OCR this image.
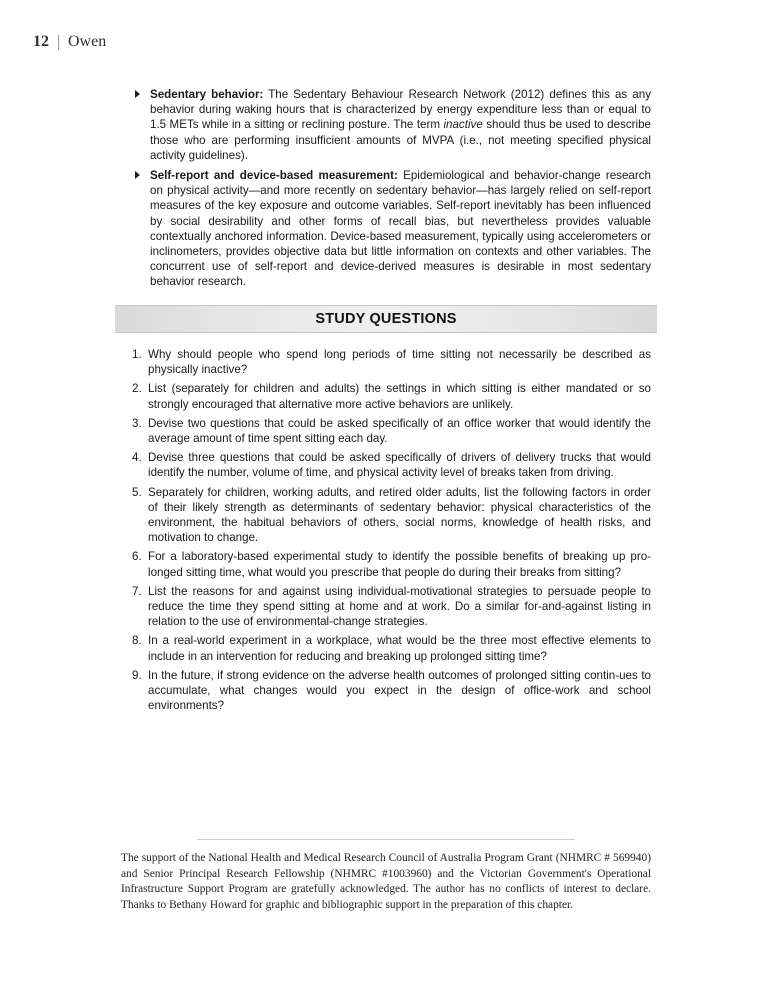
12 Owen
Sedentary behavior: The Sedentary Behaviour Research Network (2012) defines this as any behavior during waking hours that is characterized by energy expenditure less than or equal to 1.5 METs while in a sitting or reclining posture. The term inactive should thus be used to describe those who are performing insufficient amounts of MVPA (i.e., not meeting specified physical activity guidelines).
Self-report and device-based measurement: Epidemiological and behavior-change research on physical activity—and more recently on sedentary behavior—has largely relied on self-report measures of the key exposure and outcome variables. Self-report inevitably has been influenced by social desirability and other forms of recall bias, but nevertheless provides valuable contextually anchored information. Device-based measurement, typically using accelerometers or inclinometers, provides objective data but little information on contexts and other variables. The concurrent use of self-report and device-derived measures is desirable in most sedentary behavior research.
STUDY QUESTIONS
1. Why should people who spend long periods of time sitting not necessarily be described as physically inactive?
2. List (separately for children and adults) the settings in which sitting is either mandated or so strongly encouraged that alternative more active behaviors are unlikely.
3. Devise two questions that could be asked specifically of an office worker that would identify the average amount of time spent sitting each day.
4. Devise three questions that could be asked specifically of drivers of delivery trucks that would identify the number, volume of time, and physical activity level of breaks taken from driving.
5. Separately for children, working adults, and retired older adults, list the following factors in order of their likely strength as determinants of sedentary behavior: physical characteristics of the environment, the habitual behaviors of others, social norms, knowledge of health risks, and motivation to change.
6. For a laboratory-based experimental study to identify the possible benefits of breaking up pro-longed sitting time, what would you prescribe that people do during their breaks from sitting?
7. List the reasons for and against using individual-motivational strategies to persuade people to reduce the time they spend sitting at home and at work. Do a similar for-and-against listing in relation to the use of environmental-change strategies.
8. In a real-world experiment in a workplace, what would be the three most effective elements to include in an intervention for reducing and breaking up prolonged sitting time?
9. In the future, if strong evidence on the adverse health outcomes of prolonged sitting contin-ues to accumulate, what changes would you expect in the design of office-work and school environments?
The support of the National Health and Medical Research Council of Australia Program Grant (NHMRC # 569940) and Senior Principal Research Fellowship (NHMRC #1003960) and the Victorian Government's Operational Infrastructure Support Program are gratefully acknowledged. The author has no conflicts of interest to declare. Thanks to Bethany Howard for graphic and bibliographic support in the preparation of this chapter.
